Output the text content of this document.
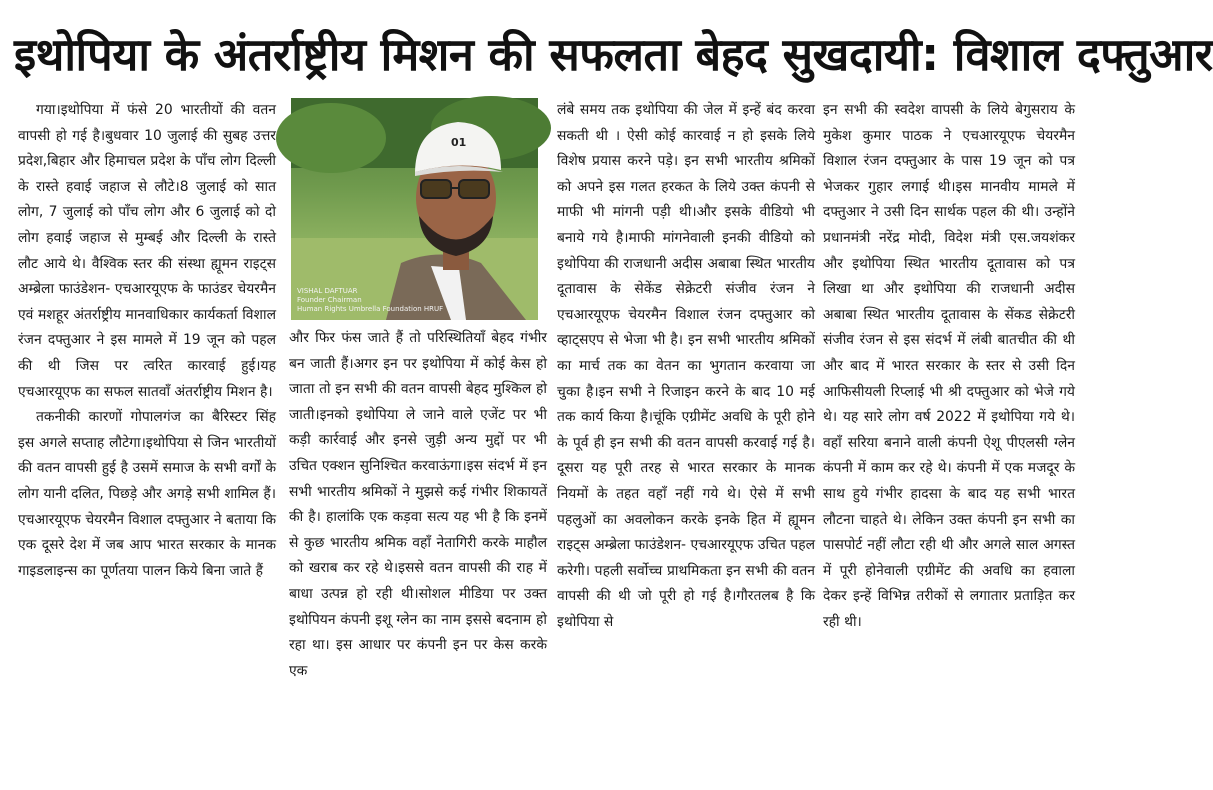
इथोपिया के अंतर्राष्ट्रीय मिशन की सफलता बेहद सुखदायी: विशाल दफ्तुआर

गया।इथोपिया में फंसे 20 भारतीयों की वतन वापसी हो गई है।बुधवार 10 जुलाई की सुबह उत्तर प्रदेश,बिहार और हिमाचल प्रदेश के पाँच लोग दिल्ली के रास्ते हवाई जहाज से लौटे।8 जुलाई को सात लोग, 7 जुलाई को पाँच लोग और 6 जुलाई को दो लोग हवाई जहाज से मुम्बई और दिल्ली के रास्ते लौट आये थे। वैश्विक स्तर की संस्था ह्यूमन राइट्स अम्ब्रेला फाउंडेशन- एचआरयूएफ के फाउंडर चेयरमैन एवं मशहूर अंतर्राष्ट्रीय मानवाधिकार कार्यकर्ता विशाल रंजन दफ्तुआर ने इस मामले में 19 जून को पहल की थी जिस पर त्वरित कारवाई हुई।यह एचआरयूएफ का सफल सातवाँ अंतर्राष्ट्रीय मिशन है।

तकनीकी कारणों गोपालगंज का बैरिस्टर सिंह इस अगले सप्ताह लौटेगा।इथोपिया से जिन भारतीयों की वतन वापसी हुई है उसमें समाज के सभी वर्गों के लोग यानी दलित, पिछड़े और अगड़े सभी शामिल हैं।एचआरयूएफ चेयरमैन विशाल दफ्तुआर ने बताया कि एक दूसरे देश में जब आप भारत सरकार के मानक गाइडलाइन्स का पूर्णतया पालन किये बिना जाते हैं

01
VISHAL DAFTUAR
Founder Chairman
Human Rights Umbrella Foundation HRUF

और फिर फंस जाते हैं तो परिस्थितियाँ बेहद गंभीर बन जाती हैं।अगर इन पर इथोपिया में कोई केस हो जाता तो इन सभी की वतन वापसी बेहद मुश्किल हो जाती।इनको इथोपिया ले जाने वाले एजेंट पर भी कड़ी कार्रवाई और इनसे जुड़ी अन्य मुद्दों पर भी उचित एक्शन सुनिश्चित करवाऊंगा।इस संदर्भ में इन सभी भारतीय श्रमिकों ने मुझसे कई गंभीर शिकायतें की है। हालांकि एक कड़वा सत्य यह भी है कि इनमें से कुछ भारतीय श्रमिक वहाँ नेतागिरी करके माहौल को खराब कर रहे थे।इससे वतन वापसी की राह में बाधा उत्पन्न हो रही थी।सोशल मीडिया पर उक्त इथोपियन कंपनी इशू ग्लेन का नाम इससे बदनाम हो रहा था। इस आधार पर कंपनी इन पर केस करके एक

लंबे समय तक इथोपिया की जेल में इन्हें बंद करवा सकती थी । ऐसी कोई कारवाई न हो इसके लिये विशेष प्रयास करने पड़े। इन सभी भारतीय श्रमिकों को अपने इस गलत हरकत के लिये उक्त कंपनी से माफी भी मांगनी पड़ी थी।और इसके वीडियो भी बनाये गये है।माफी मांगनेवाली इनकी वीडियो को इथोपिया की राजधानी अदीस अबाबा स्थित भारतीय दूतावास के सेकेंड सेक्रेटरी संजीव रंजन ने एचआरयूएफ चेयरमैन विशाल रंजन दफ्तुआर को व्हाट्सएप से भेजा भी है। इन सभी भारतीय श्रमिकों का मार्च तक का वेतन का भुगतान करवाया जा चुका है।इन सभी ने रिजाइन करने के बाद 10 मई तक कार्य किया है।चूंकि एग्रीमेंट अवधि के पूरी होने के पूर्व ही इन सभी की वतन वापसी करवाई गई है।दूसरा यह पूरी तरह से भारत सरकार के मानक नियमों के तहत वहाँ नहीं गये थे। ऐसे में सभी पहलुओं का अवलोकन करके इनके हित में ह्यूमन राइट्स अम्ब्रेला फाउंडेशन- एचआरयूएफ उचित पहल करेगी। पहली सर्वोच्च प्राथमिकता इन सभी की वतन वापसी की थी जो पूरी हो गई है।गौरतलब है कि इथोपिया से

इन सभी की स्वदेश वापसी के लिये बेगुसराय के मुकेश कुमार पाठक ने एचआरयूएफ चेयरमैन विशाल रंजन दफ्तुआर के पास 19 जून को पत्र भेजकर गुहार लगाई थी।इस मानवीय मामले में दफ्तुआर ने उसी दिन सार्थक पहल की थी। उन्होंने प्रधानमंत्री नरेंद्र मोदी, विदेश मंत्री एस.जयशंकर और इथोपिया स्थित भारतीय दूतावास को पत्र लिखा था और इथोपिया की राजधानी अदीस अबाबा स्थित भारतीय दूतावास के सेंकड सेक्रेटरी संजीव रंजन से इस संदर्भ में लंबी बातचीत की थी और बाद में भारत सरकार के स्तर से उसी दिन आफिसीयली रिप्लाई भी श्री दफ्तुआर को भेजे गये थे। यह सारे लोग वर्ष 2022 में इथोपिया गये थे।वहाँ सरिया बनाने वाली कंपनी ऐशू पीएलसी ग्लेन कंपनी में काम कर रहे थे। कंपनी में एक मजदूर के साथ हुये गंभीर हादसा के बाद यह सभी भारत लौटना चाहते थे। लेकिन उक्त कंपनी इन सभी का पासपोर्ट नहीं लौटा रही थी और अगले साल अगस्त में पूरी होनेवाली एग्रीमेंट की अवधि का हवाला देकर इन्हें विभिन्न तरीकों से लगातार प्रताड़ित कर रही थी।
